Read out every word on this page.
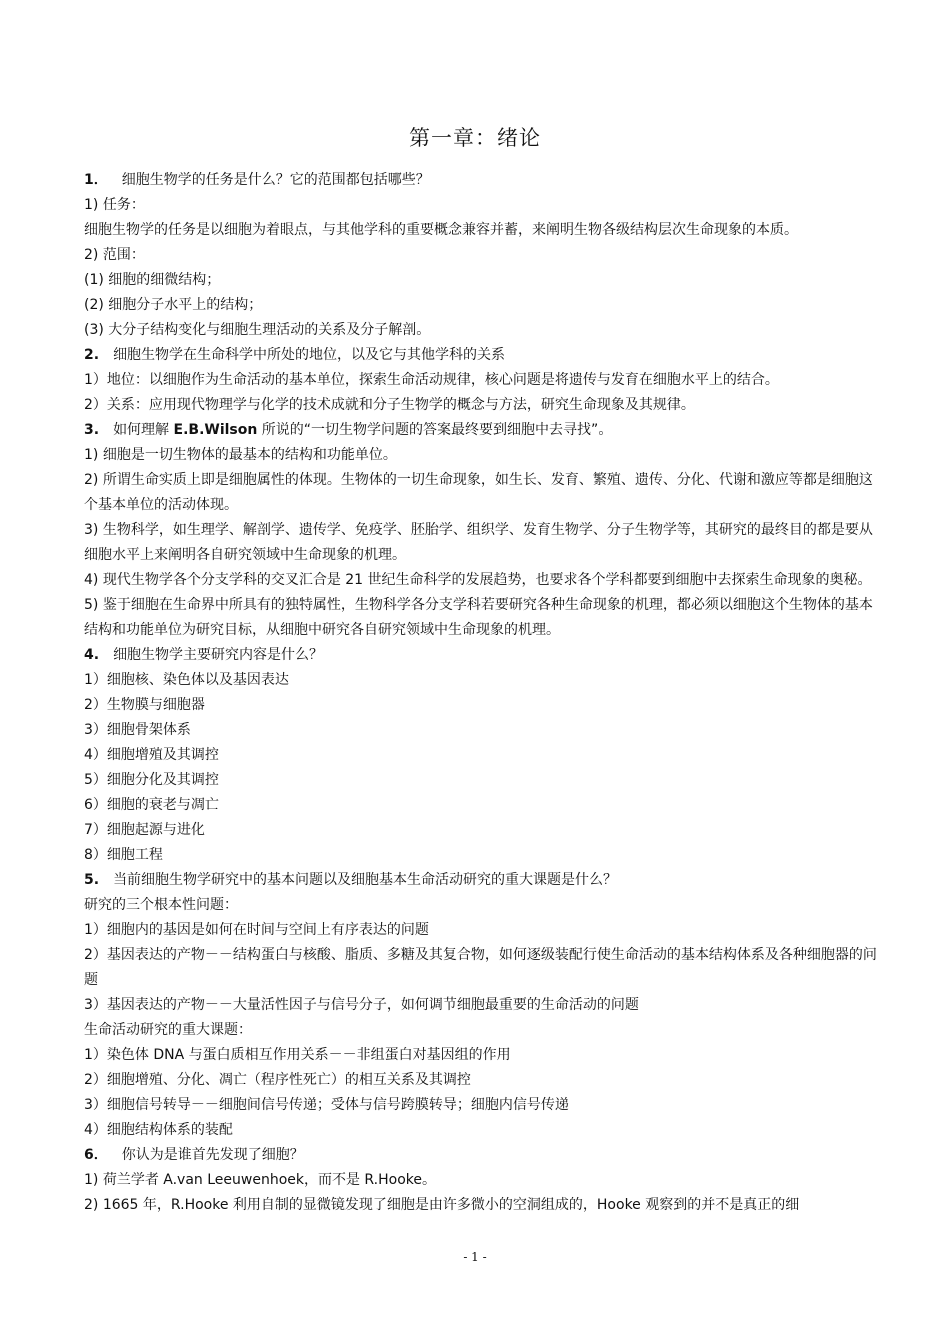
第一章：绪论
1． 细胞生物学的任务是什么？它的范围都包括哪些？
1) 任务：
细胞生物学的任务是以细胞为着眼点，与其他学科的重要概念兼容并蓄，来阐明生物各级结构层次生命现象的本质。
2) 范围：
(1) 细胞的细微结构；
(2) 细胞分子水平上的结构；
(3) 大分子结构变化与细胞生理活动的关系及分子解剖。
2. 细胞生物学在生命科学中所处的地位，以及它与其他学科的关系
1）地位：以细胞作为生命活动的基本单位，探索生命活动规律，核心问题是将遗传与发育在细胞水平上的结合。
2）关系：应用现代物理学与化学的技术成就和分子生物学的概念与方法，研究生命现象及其规律。
3. 如何理解 E.B.Wilson 所说的“一切生物学问题的答案最终要到细胞中去寻找”。
1) 细胞是一切生物体的最基本的结构和功能单位。
2) 所谓生命实质上即是细胞属性的体现。生物体的一切生命现象，如生长、发育、繁殖、遗传、分化、代谢和激应等都是细胞这个基本单位的活动体现。
3) 生物科学，如生理学、解剖学、遗传学、免疫学、胚胎学、组织学、发育生物学、分子生物学等，其研究的最终目的都是要从细胞水平上来阐明各自研究领域中生命现象的机理。
4) 现代生物学各个分支学科的交叉汇合是 21 世纪生命科学的发展趋势，也要求各个学科都要到细胞中去探索生命现象的奥秘。
5) 鉴于细胞在生命界中所具有的独特属性，生物科学各分支学科若要研究各种生命现象的机理，都必须以细胞这个生物体的基本结构和功能单位为研究目标，从细胞中研究各自研究领域中生命现象的机理。
4. 细胞生物学主要研究内容是什么？
1）细胞核、染色体以及基因表达
2）生物膜与细胞器
3）细胞骨架体系
4）细胞增殖及其调控
5）细胞分化及其调控
6）细胞的衰老与凋亡
7）细胞起源与进化
8）细胞工程
5. 当前细胞生物学研究中的基本问题以及细胞基本生命活动研究的重大课题是什么？
研究的三个根本性问题：
1）细胞内的基因是如何在时间与空间上有序表达的问题
2）基因表达的产物－－结构蛋白与核酸、脂质、多糖及其复合物，如何逐级装配行使生命活动的基本结构体系及各种细胞器的问题
3）基因表达的产物－－大量活性因子与信号分子，如何调节细胞最重要的生命活动的问题
生命活动研究的重大课题：
1）染色体 DNA 与蛋白质相互作用关系－－非组蛋白对基因组的作用
2）细胞增殖、分化、凋亡（程序性死亡）的相互关系及其调控
3）细胞信号转导－－细胞间信号传递；受体与信号跨膜转导；细胞内信号传递
4）细胞结构体系的装配
6． 你认为是谁首先发现了细胞？
1) 荷兰学者 A.van Leeuwenhoek，而不是 R.Hooke。
2) 1665 年，R.Hooke 利用自制的显微镜发现了细胞是由许多微小的空洞组成的，Hooke 观察到的并不是真正的细
- 1 -
